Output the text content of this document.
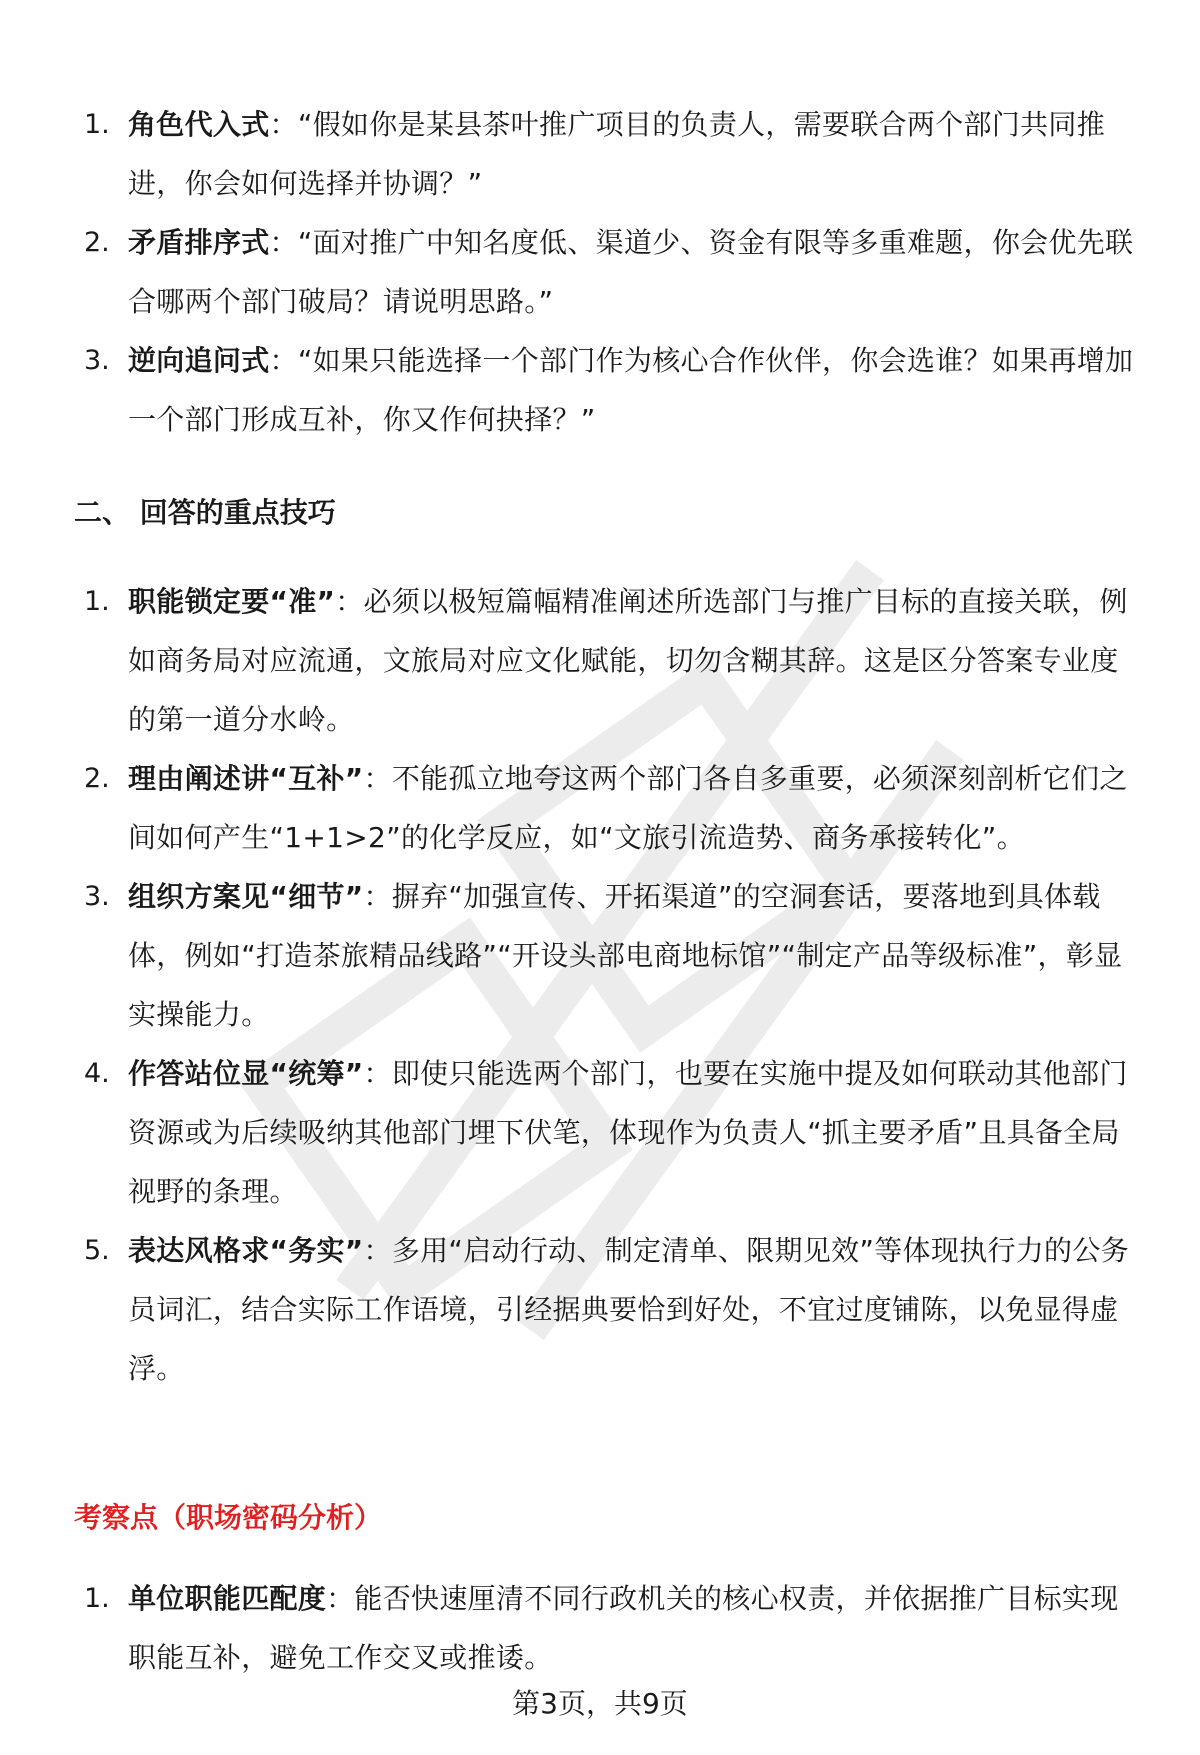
1. 角色代入式：“假如你是某县茶叶推广项目的负责人，需要联合两个部门共同推进，你会如何选择并协调？”
2. 矛盾排序式：“面对推广中知名度低、渠道少、资金有限等多重难题，你会优先联合哪两个部门破局？请说明思路。”
3. 逆向追问式：“如果只能选择一个部门作为核心合作伙伴，你会选谁？如果再增加一个部门形成互补，你又作何抉择？”
二、 回答的重点技巧
1. 职能锁定要“准”：必须以极短篇幅精准阐述所选部门与推广目标的直接关联，例如商务局对应流通，文旅局对应文化赋能，切勿含糊其辞。这是区分答案专业度的第一道分水岭。
2. 理由阐述讲“互补”：不能孤立地夸这两个部门各自多重要，必须深刻剖析它们之间如何产生“1+1>2”的化学反应，如“文旅引流造势、商务承接转化”。
3. 组织方案见“细节”：摒弃“加强宣传、开拓渠道”的空洞套话，要落地到具体载体，例如“打造茶旅精品线路”“开设头部电商地标馆”“制定产品等级标准”，彰显实操能力。
4. 作答站位显“统筹”：即使只能选两个部门，也要在实施中提及如何联动其他部门资源或为后续吸纳其他部门埋下伏笔，体现作为负责人“抓主要矛盾”且具备全局视野的条理。
5. 表达风格求“务实”：多用“启动行动、制定清单、限期见效”等体现执行力的公务员词汇，结合实际工作语境，引经据典要恰到好处，不宜过度铺陈，以免显得虚浮。
考察点（职场密码分析）
1. 单位职能匹配度：能否快速厘清不同行政机关的核心权责，并依据推广目标实现职能互补，避免工作交叉或推诿。
第3页，共9页
